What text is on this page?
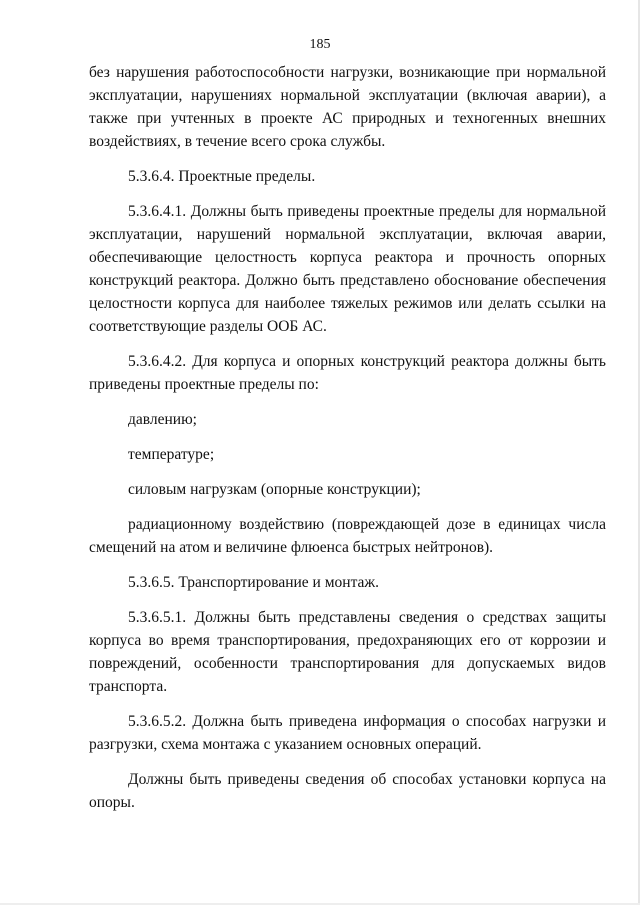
185

без нарушения работоспособности нагрузки, возникающие при нормальной эксплуатации, нарушениях нормальной эксплуатации (включая аварии), а также при учтенных в проекте АС природных и техногенных внешних воздействиях, в течение всего срока службы.

5.3.6.4. Проектные пределы.

5.3.6.4.1. Должны быть приведены проектные пределы для нормальной эксплуатации, нарушений нормальной эксплуатации, включая аварии, обеспечивающие целостность корпуса реактора и прочность опорных конструкций реактора. Должно быть представлено обоснование обеспечения целостности корпуса для наиболее тяжелых режимов или делать ссылки на соответствующие разделы ООБ АС.

5.3.6.4.2. Для корпуса и опорных конструкций реактора должны быть приведены проектные пределы по:

давлению;

температуре;

силовым нагрузкам (опорные конструкции);

радиационному воздействию (повреждающей дозе в единицах числа смещений на атом и величине флюенса быстрых нейтронов).

5.3.6.5. Транспортирование и монтаж.

5.3.6.5.1. Должны быть представлены сведения о средствах защиты корпуса во время транспортирования, предохраняющих его от коррозии и повреждений, особенности транспортирования для допускаемых видов транспорта.

5.3.6.5.2. Должна быть приведена информация о способах нагрузки и разгрузки, схема монтажа с указанием основных операций.

Должны быть приведены сведения об способах установки корпуса на опоры.
